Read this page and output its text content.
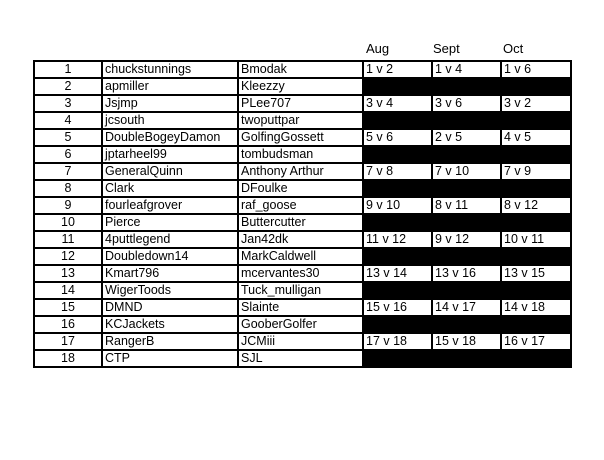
Aug	Sept	Oct
1	chuckstunnings	Bmodak	1 v 2	1 v 4	1 v 6
2	apmiller	Kleezzy			
3	Jsjmp	PLee707	3 v 4	3 v 6	3 v 2
4	jcsouth	twoputtpar			
5	DoubleBogeyDamon	GolfingGossett	5 v 6	2 v 5	4 v 5
6	jptarheel99	tombudsman			
7	GeneralQuinn	Anthony Arthur	7 v 8	7 v 10	7 v 9
8	Clark	DFoulke			
9	fourleafgrover	raf_goose	9 v 10	8 v 11	8 v 12
10	Pierce	Buttercutter			
11	4puttlegend	Jan42dk	11 v 12	9 v 12	10 v 11
12	Doubledown14	MarkCaldwell			
13	Kmart796	mcervantes30	13 v 14	13 v 16	13 v 15
14	WigerToods	Tuck_mulligan			
15	DMND	Slainte	15 v 16	14 v 17	14 v 18
16	KCJackets	GooberGolfer			
17	RangerB	JCMiii	17 v 18	15 v 18	16 v 17
18	CTP	SJL			
